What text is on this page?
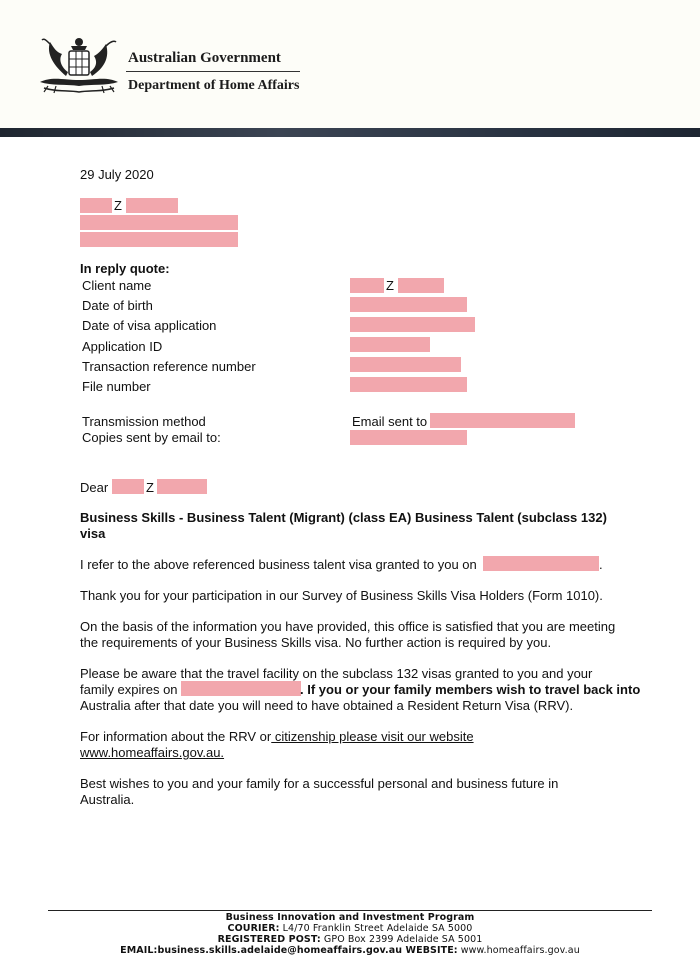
Australian Government
Department of Home Affairs
29 July 2020
Z
In reply quote:
Client name	Z
Date of birth
Date of visa application
Application ID
Transaction reference number
File number
Transmission method	Email sent to
Copies sent by email to:
Dear	Z
Business Skills - Business Talent (Migrant) (class EA) Business Talent (subclass 132)
visa
I refer to the above referenced business talent visa granted to you on	.
Thank you for your participation in our Survey of Business Skills Visa Holders (Form 1010).
On the basis of the information you have provided, this office is satisfied that you are meeting
the requirements of your Business Skills visa. No further action is required by you.
Please be aware that the travel facility on the subclass 132 visas granted to you and your
family expires on	. If you or your family members wish to travel back into
Australia after that date you will need to have obtained a Resident Return Visa (RRV).
For information about the RRV or citizenship please visit our website
www.homeaffairs.gov.au.
Best wishes to you and your family for a successful personal and business future in
Australia.
Business Innovation and Investment Program
COURIER: L4/70 Franklin Street Adelaide SA 5000
REGISTERED POST: GPO Box 2399 Adelaide SA 5001
EMAIL:business.skills.adelaide@homeaffairs.gov.au WEBSITE: www.homeaffairs.gov.au
